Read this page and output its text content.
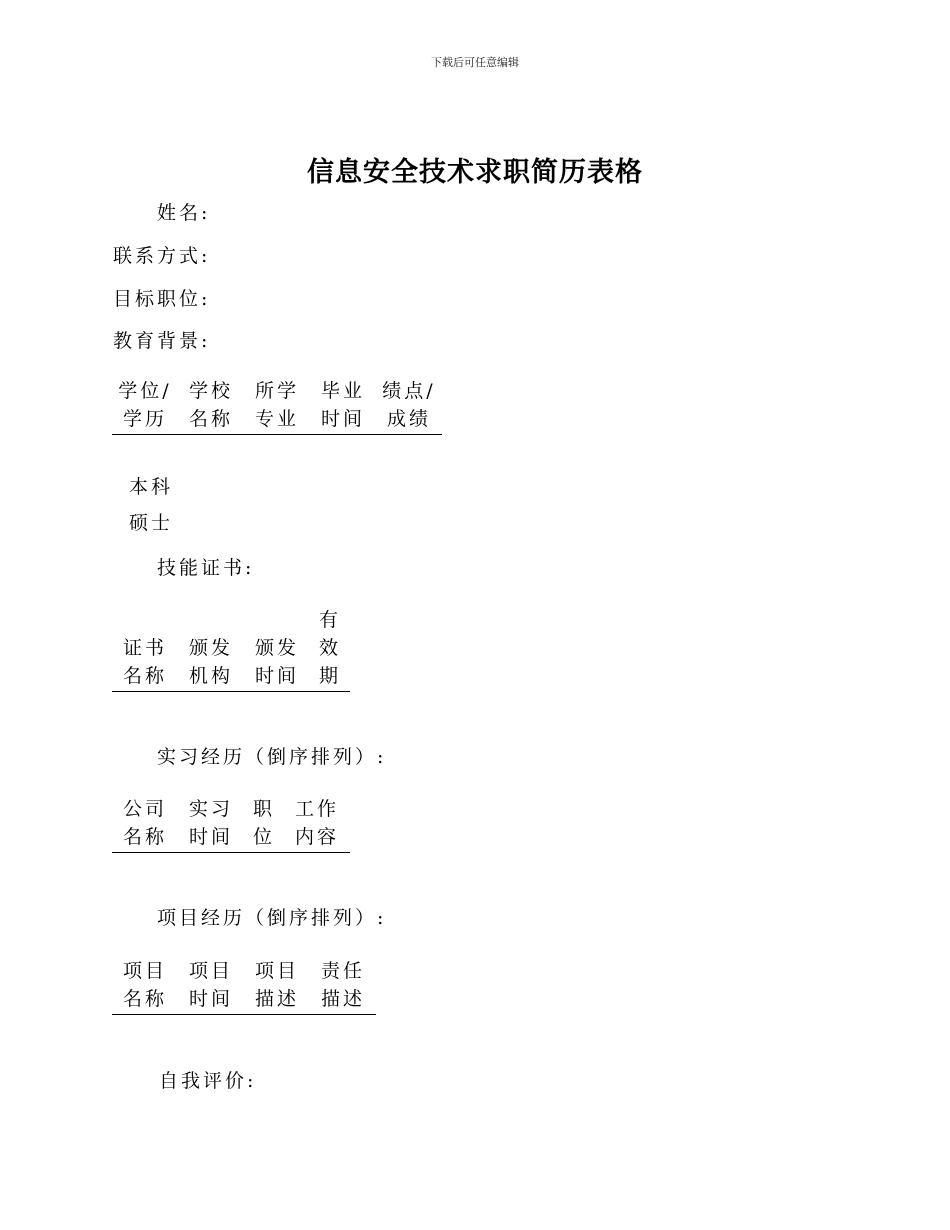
下载后可任意编辑
信息安全技术求职简历表格
姓名:
联系方式:
目标职位:
教育背景:
学位/学历	学校名称	所学专业	毕业时间	绩点/成绩
本科
硕士
技能证书:
证书名称	颁发机构	颁发时间	有效期
实习经历（倒序排列）:
公司名称	实习时间	职位	工作内容
项目经历（倒序排列）:
项目名称	项目时间	项目描述	责任描述
自我评价:
